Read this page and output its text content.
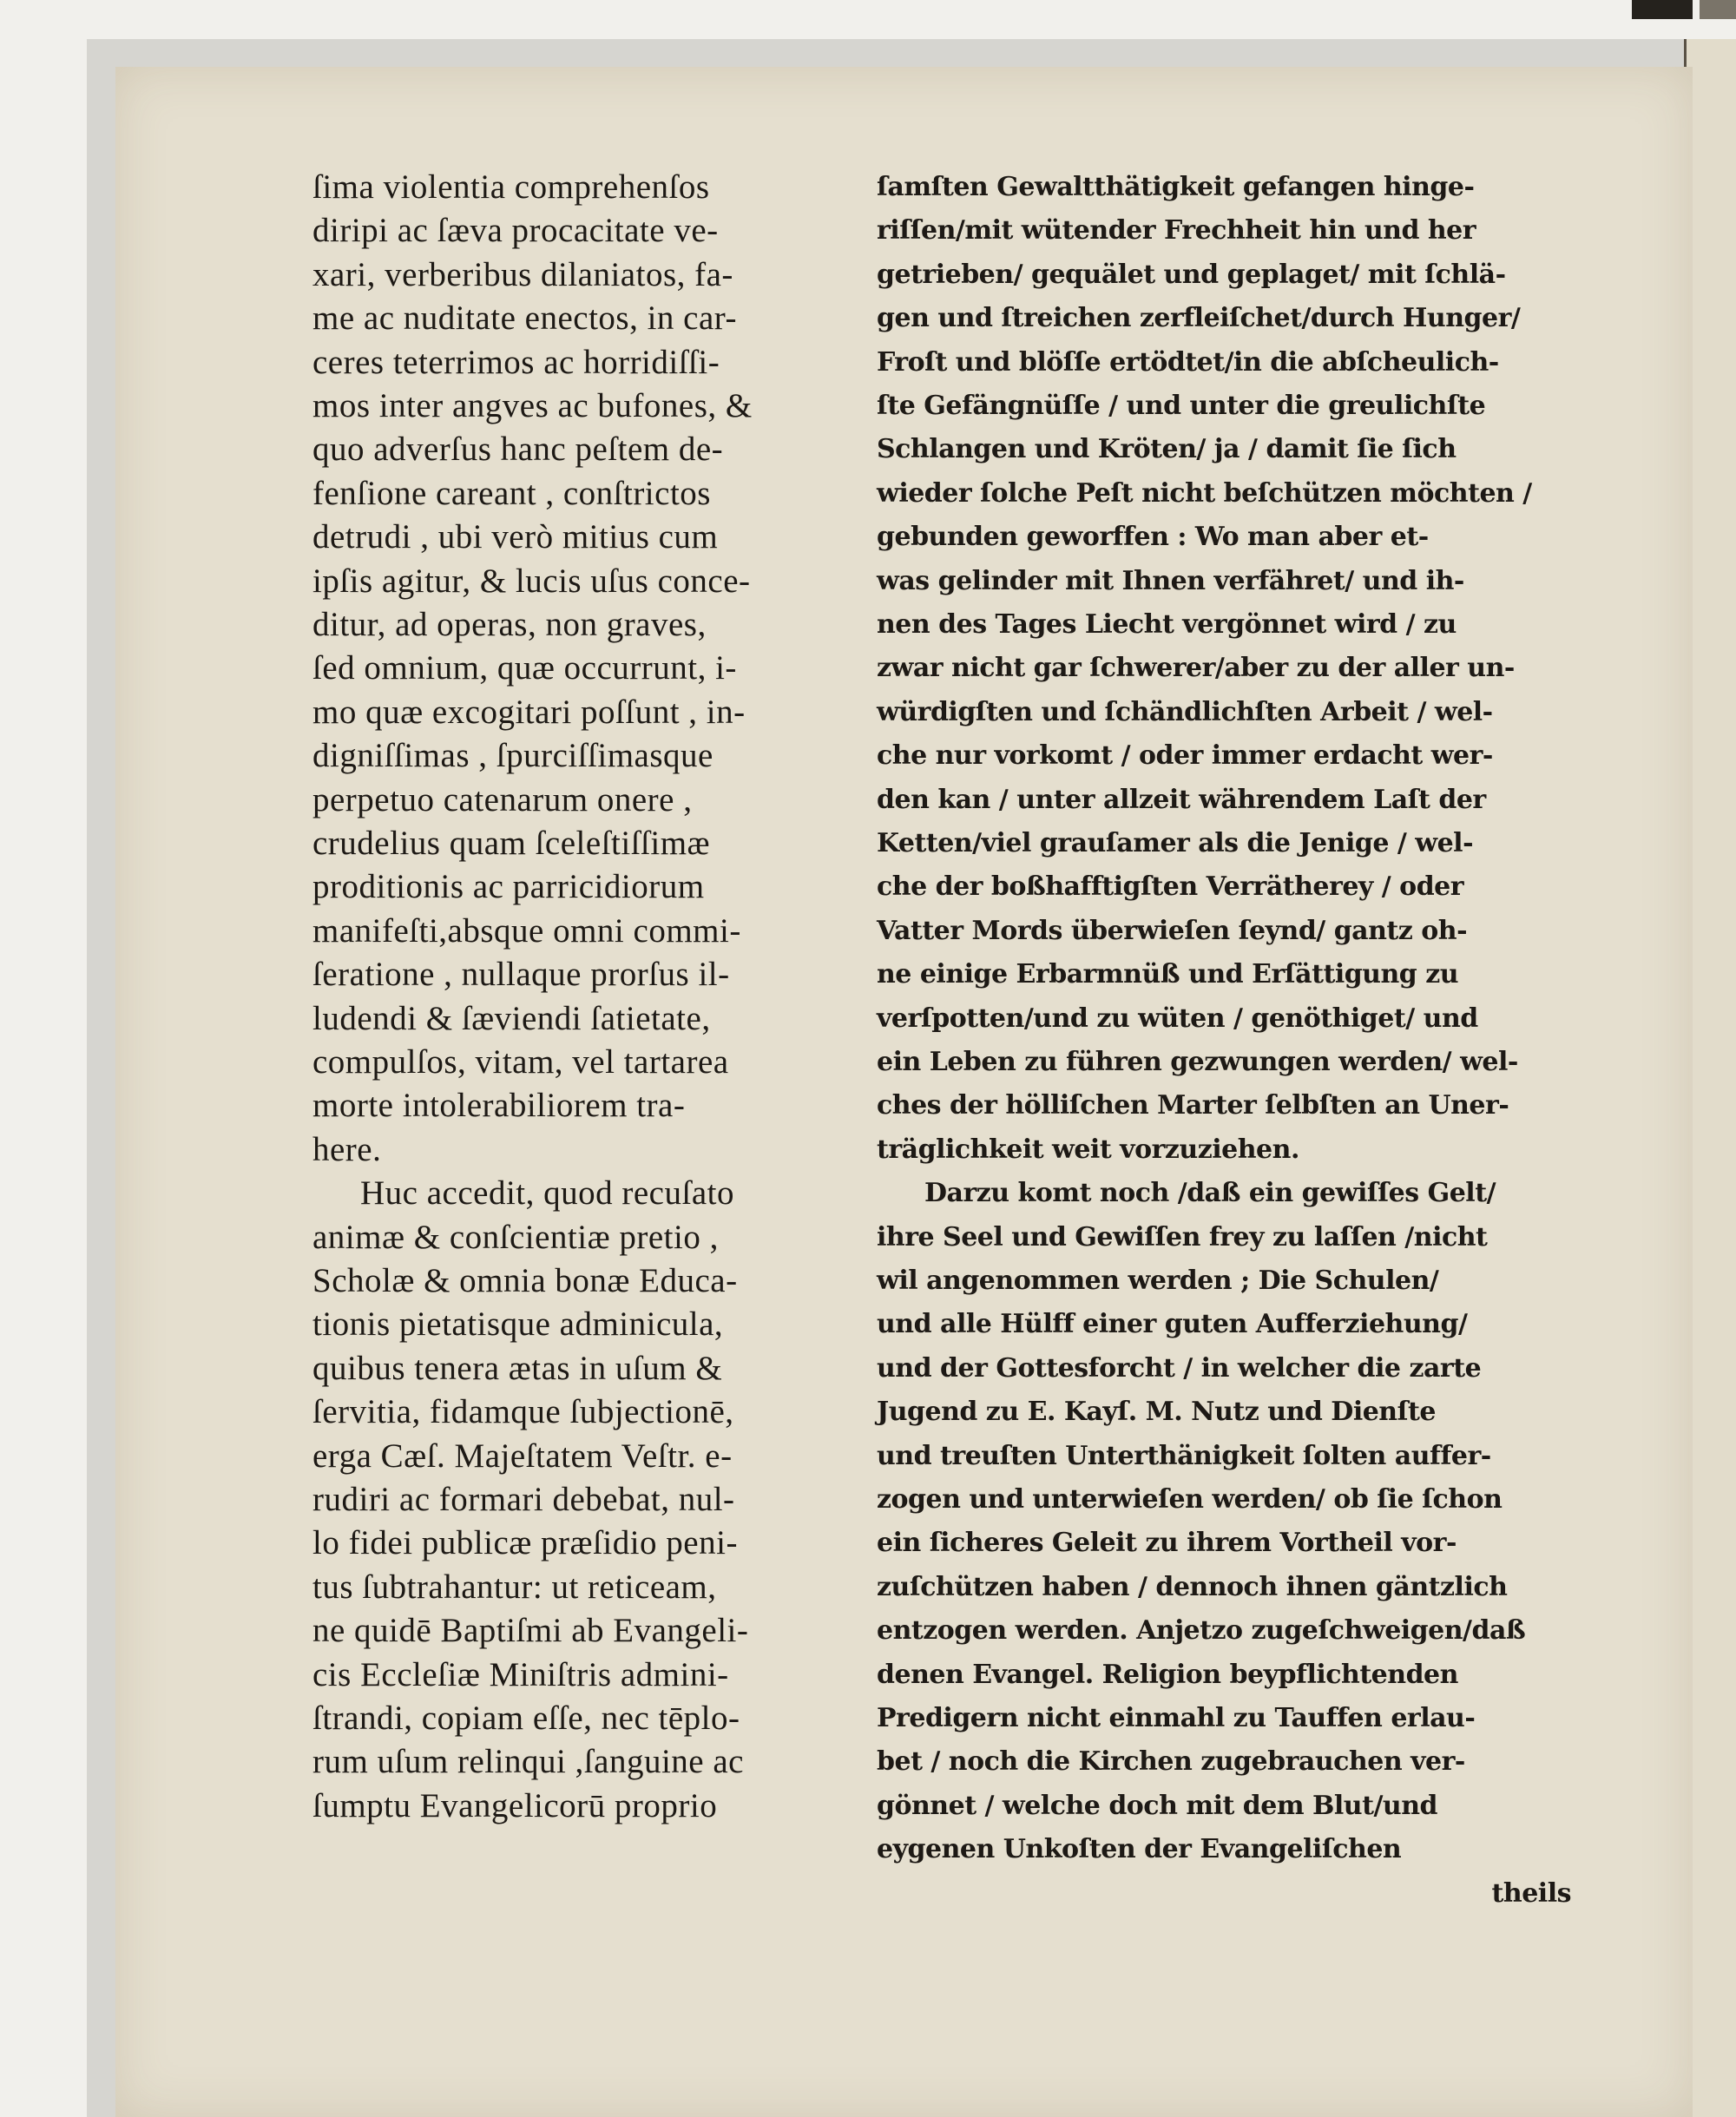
ſima violentia comprehenſos
diripi ac ſæva procacitate ve-
xari, verberibus dilaniatos, fa-
me ac nuditate enectos, in car-
ceres teterrimos ac horridiſſi-
mos inter angves ac bufones, &
quo adverſus hanc peſtem de-
fenſione careant , conſtrictos
detrudi , ubi verò mitius cum
ipſis agitur, & lucis uſus conce-
ditur, ad operas, non graves,
ſed omnium, quæ occurrunt, i-
mo quæ excogitari poſſunt , in-
digniſſimas , ſpurciſſimasque
perpetuo catenarum onere ,
crudelius quam ſceleſtiſſimæ
proditionis ac parricidiorum
manifeſti,absque omni commi-
ſeratione , nullaque prorſus il-
ludendi & ſæviendi ſatietate,
compulſos, vitam, vel tartarea
morte intolerabiliorem tra-
here.
Huc accedit, quod recuſato
animæ & conſcientiæ pretio ,
Scholæ & omnia bonæ Educa-
tionis pietatisque adminicula,
quibus tenera ætas in uſum &
ſervitia, fidamque ſubjectionē,
erga Cæſ. Majeſtatem Veſtr. e-
rudiri ac formari debebat, nul-
lo fidei publicæ præſidio peni-
tus ſubtrahantur: ut reticeam,
ne quidē Baptiſmi ab Evangeli-
cis Eccleſiæ Miniſtris admini-
ſtrandi, copiam eſſe, nec tēplo-
rum uſum relinqui ,ſanguine ac
ſumptu Evangelicorū proprio
ſamſten Gewaltthätigkeit gefangen hinge-
riſſen/mit wütender Frechheit hin und her
getrieben/ gequälet und geplaget/ mit ſchlä-
gen und ſtreichen zerfleiſchet/durch Hunger/
Froſt und blöſſe ertödtet/in die abſcheulich-
ſte Gefängnüſſe / und unter die greulichſte
Schlangen und Kröten/ ja / damit ſie ſich
wieder ſolche Peſt nicht beſchützen möchten /
gebunden geworffen : Wo man aber et-
was gelinder mit Ihnen verfähret/ und ih-
nen des Tages Liecht vergönnet wird / zu
zwar nicht gar ſchwerer/aber zu der aller un-
würdigſten und ſchändlichſten Arbeit / wel-
che nur vorkomt / oder immer erdacht wer-
den kan / unter allzeit währendem Laſt der
Ketten/viel grauſamer als die Jenige / wel-
che der boßhafftigſten Verrätherey / oder
Vatter Mords überwieſen ſeynd/ gantz oh-
ne einige Erbarmnüß und Erſättigung zu
verſpotten/und zu wüten / genöthiget/ und
ein Leben zu führen gezwungen werden/ wel-
ches der hölliſchen Marter ſelbſten an Uner-
träglichkeit weit vorzuziehen.
Darzu komt noch /daß ein gewiſſes Gelt/
ihre Seel und Gewiſſen frey zu laſſen /nicht
wil angenommen werden ; Die Schulen/
und alle Hülff einer guten Aufferziehung/
und der Gottesforcht / in welcher die zarte
Jugend zu E. Kayſ. M. Nutz und Dienſte
und treuſten Unterthänigkeit ſolten auffer-
zogen und unterwieſen werden/ ob ſie ſchon
ein ſicheres Geleit zu ihrem Vortheil vor-
zuſchützen haben / dennoch ihnen gäntzlich
entzogen werden. Anjetzo zugeſchweigen/daß
denen Evangel. Religion beypflichtenden
Predigern nicht einmahl zu Tauffen erlau-
bet / noch die Kirchen zugebrauchen ver-
gönnet / welche doch mit dem Blut/und
eygenen Unkoſten der Evangeliſchen
theils
